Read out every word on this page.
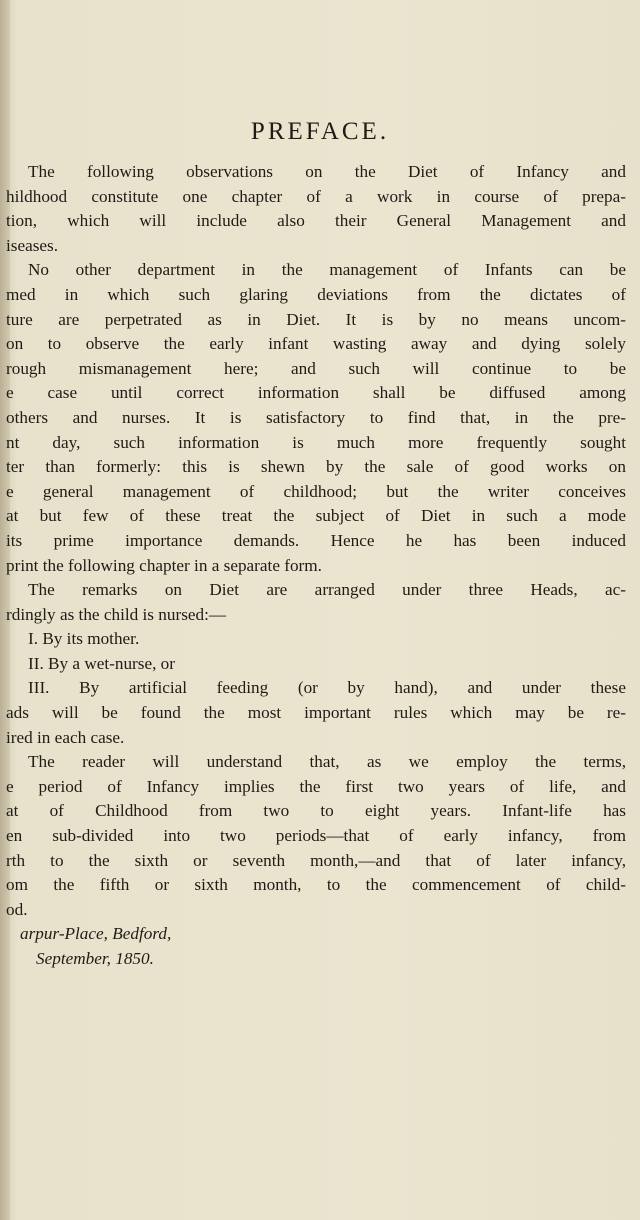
PREFACE.
The following observations on the Diet of Infancy and
hildhood constitute one chapter of a work in course of prepa-
tion, which will include also their General Management and
iseases.
No other department in the management of Infants can be
med in which such glaring deviations from the dictates of
ture are perpetrated as in Diet. It is by no means uncom-
on to observe the early infant wasting away and dying solely
rough mismanagement here; and such will continue to be
e case until correct information shall be diffused among
others and nurses. It is satisfactory to find that, in the pre-
nt day, such information is much more frequently sought
ter than formerly: this is shewn by the sale of good works on
e general management of childhood; but the writer conceives
at but few of these treat the subject of Diet in such a mode
its prime importance demands. Hence he has been induced
print the following chapter in a separate form.
The remarks on Diet are arranged under three Heads, ac-
rdingly as the child is nursed:—
I. By its mother.
II. By a wet-nurse, or
III. By artificial feeding (or by hand), and under these
ads will be found the most important rules which may be re-
ired in each case.
The reader will understand that, as we employ the terms,
e period of Infancy implies the first two years of life, and
at of Childhood from two to eight years. Infant-life has
en sub-divided into two periods—that of early infancy, from
rth to the sixth or seventh month,—and that of later infancy,
om the fifth or sixth month, to the commencement of child-
od.
arpur-Place, Bedford,
September, 1850.
